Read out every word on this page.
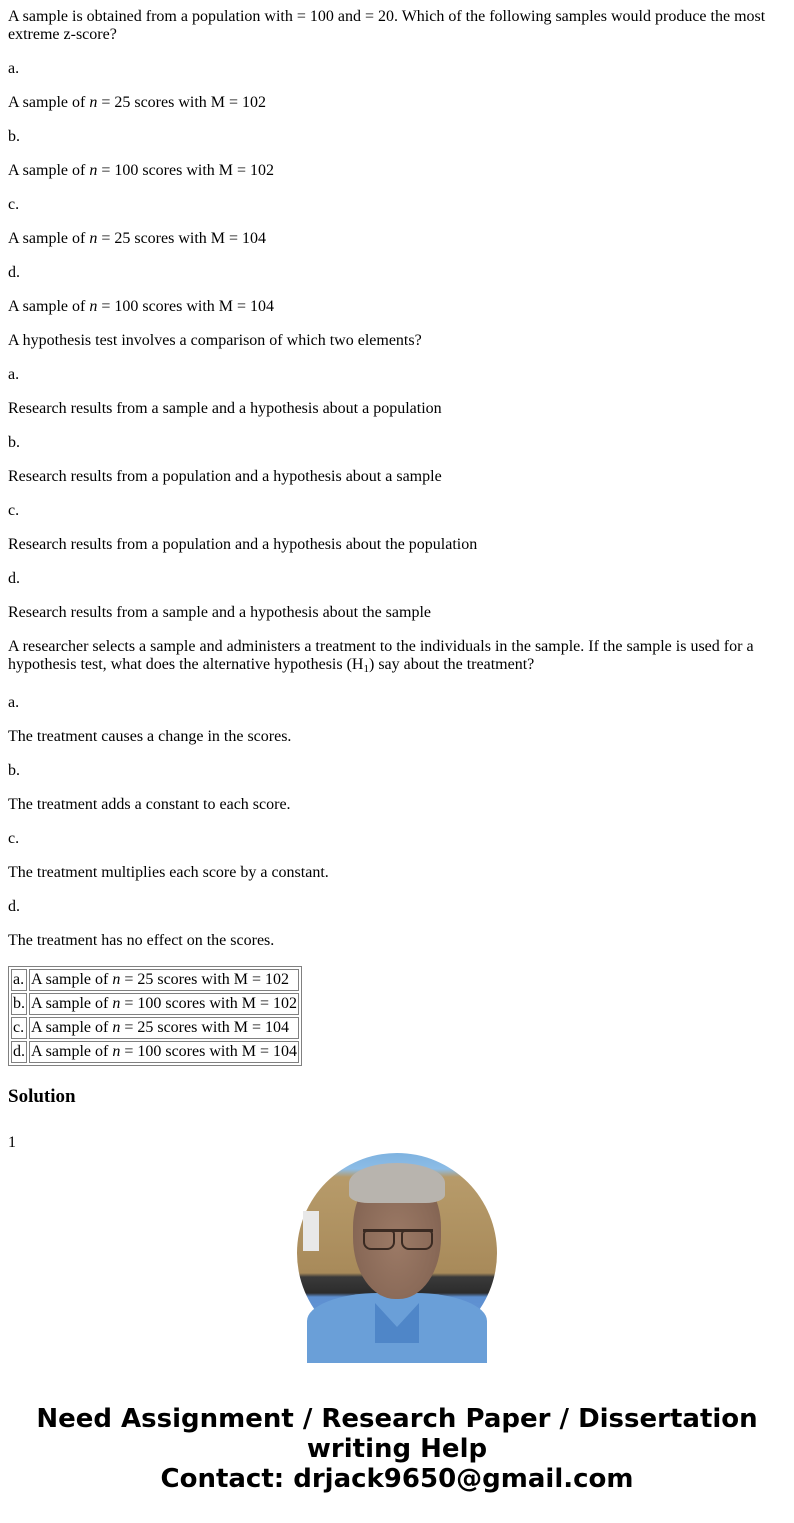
A sample is obtained from a population with = 100 and = 20. Which of the following samples would produce the most extreme z-score?

a.

A sample of n = 25 scores with M = 102

b.

A sample of n = 100 scores with M = 102

c.

A sample of n = 25 scores with M = 104

d.

A sample of n = 100 scores with M = 104

A hypothesis test involves a comparison of which two elements?

a.

Research results from a sample and a hypothesis about a population

b.

Research results from a population and a hypothesis about a sample

c.

Research results from a population and a hypothesis about the population

d.

Research results from a sample and a hypothesis about the sample

A researcher selects a sample and administers a treatment to the individuals in the sample. If the sample is used for a hypothesis test, what does the alternative hypothesis $(H_1)$ say about the treatment?

a.

The treatment causes a change in the scores.

b.

The treatment adds a constant to each score.

c.

The treatment multiplies each score by a constant.

d.

The treatment has no effect on the scores.

a.	A sample of n = 25 scores with M = 102
b.	A sample of n = 100 scores with M = 102
c.	A sample of n = 25 scores with M = 104
d.	A sample of n = 100 scores with M = 104
Solution
1
Need Assignment / Research Paper / Dissertation
writing Help
Contact: drjack9650@gmail.com
